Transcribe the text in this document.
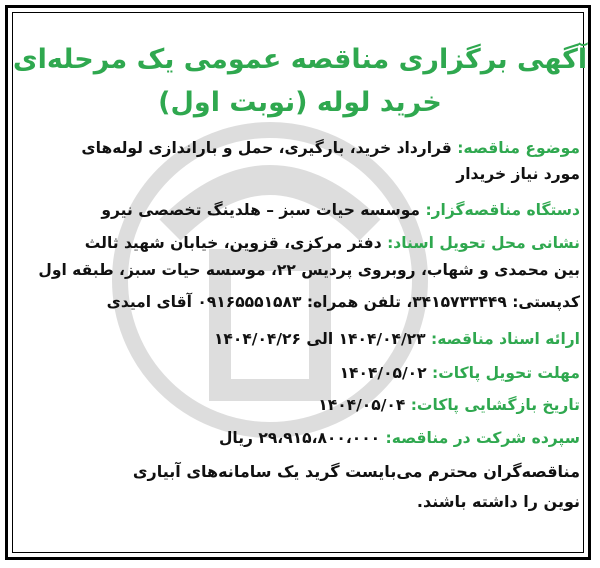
آگهی برگزاری مناقصه عمومی یک مرحله‌ای
خرید لوله (نوبت اول)
موضوع مناقصه: قرارداد خرید، بارگیری، حمل و باراندازی لوله‌های
مورد نیاز خریدار
دستگاه مناقصه‌گزار: موسسه حیات سبز – هلدینگ تخصصی نیرو
نشانی محل تحویل اسناد: دفتر مرکزی، قزوین، خیابان شهید ثالث
بین محمدی و شهاب، روبروی پردیس ۲۲، موسسه حیات سبز، طبقه اول
کدپستی: ۳۴۱۵۷۳۳۴۴۹، تلفن همراه: ۰۹۱۶۵۵۵۱۵۸۳ آقای امیدی
ارائه اسناد مناقصه: ۱۴۰۴/۰۴/۲۳ الی ۱۴۰۴/۰۴/۲۶
مهلت تحویل پاکات: ۱۴۰۴/۰۵/۰۲
تاریخ بازگشایی پاکات: ۱۴۰۴/۰۵/۰۴
سپرده شرکت در مناقصه: ۲۹،۹۱۵،۸۰۰،۰۰۰ ریال
مناقصه‌گران محترم می‌بایست گرید یک سامانه‌های آبیاری
نوین را داشته باشند.
